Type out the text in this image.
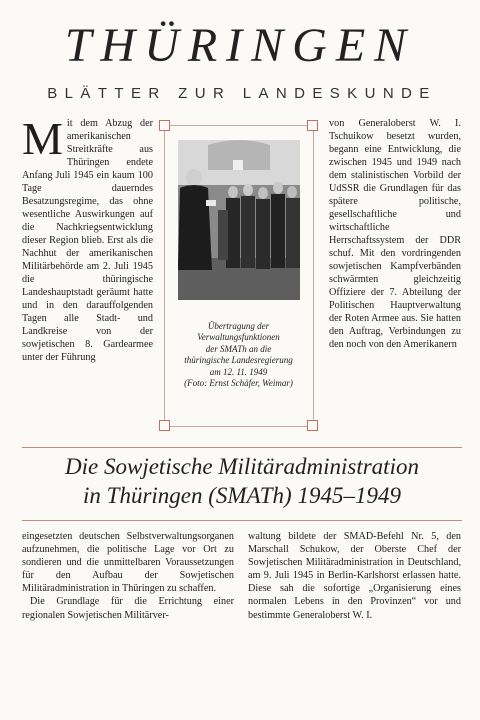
THÜRINGEN
BLÄTTER ZUR LANDESKUNDE
M it dem Abzug der amerikanischen Streitkräfte aus Thüringen endete Anfang Juli 1945 ein kaum 100 Tage dauerndes Besatzungsregime, das ohne wesentliche Auswirkungen auf die Nachkriegsentwicklung dieser Region blieb. Erst als die Nachhut der amerikanischen Militärbehörde am 2. Juli 1945 die thüringische Landeshauptstadt geräumt hatte und in den darauffolgenden Tagen alle Stadt- und Landkreise von der sowjetischen 8. Gardearmee unter der Führung
Übertragung der
Verwaltungsfunktionen
der SMATh an die
thüringische Landesregierung
am 12. 11. 1949
(Foto: Ernst Schäfer, Weimar)
von Generaloberst W. I. Tschuikow besetzt wurden, begann eine Entwicklung, die zwischen 1945 und 1949 nach dem stalinistischen Vorbild der UdSSR die Grundlagen für das spätere politische, gesellschaftliche und wirtschaftliche Herrschaftssystem der DDR schuf. Mit den vordringenden sowjetischen Kampfverbänden schwärmten gleichzeitig Offiziere der 7. Abteilung der Politischen Hauptverwaltung der Roten Armee aus. Sie hatten den Auftrag, Verbindungen zu den noch von den Amerikanern
Die Sowjetische Militäradministration
in Thüringen (SMATh) 1945–1949
eingesetzten deutschen Selbstverwaltungsorganen aufzunehmen, die politische Lage vor Ort zu sondieren und die unmittelbaren Voraussetzungen für den Aufbau der Sowjetischen Militäradministration in Thüringen zu schaffen.
Die Grundlage für die Errichtung einer regionalen Sowjetischen Militärver-
waltung bildete der SMAD-Befehl Nr. 5, den Marschall Schukow, der Oberste Chef der Sowjetischen Militäradministration in Deutschland, am 9. Juli 1945 in Berlin-Karlshorst erlassen hatte. Diese sah die sofortige „Organisierung eines normalen Lebens in den Provinzen“ vor und bestimmte Generaloberst W. I.
